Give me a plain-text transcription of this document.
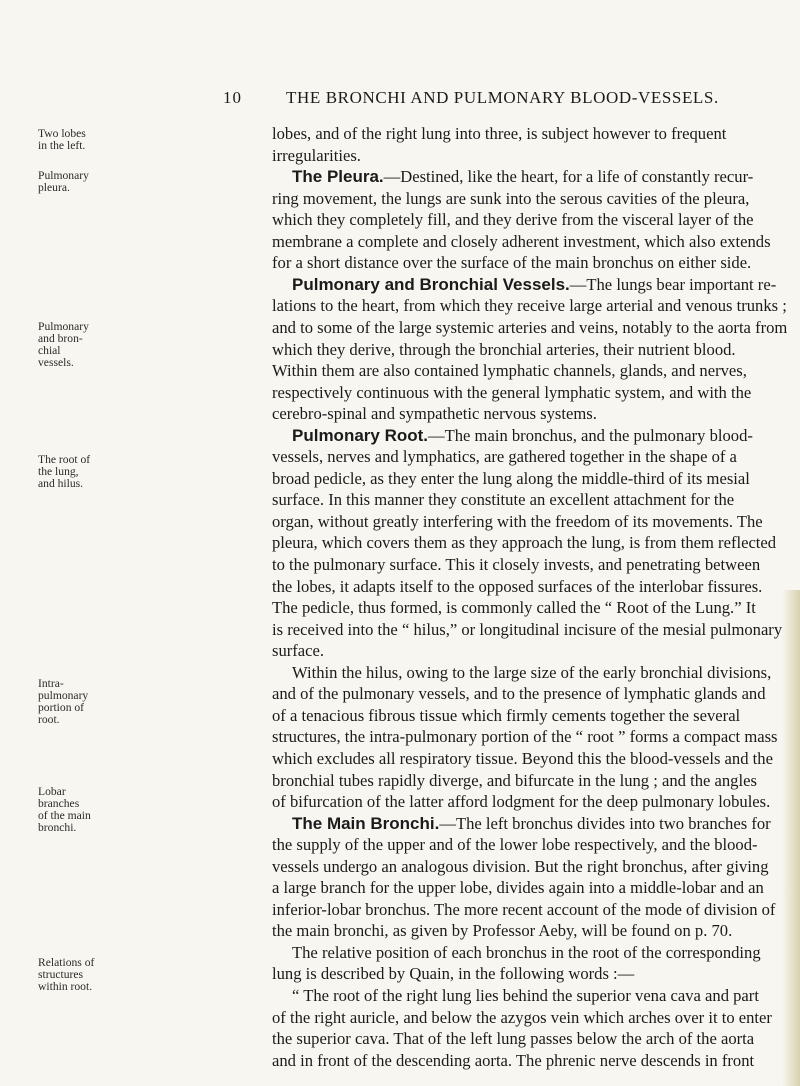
10	THE BRONCHI AND PULMONARY BLOOD-VESSELS.
Two lobes
in the left.
Pulmonary
pleura.
Pulmonary
and bron-
chial
vessels.
The root of
the lung,
and hilus.
Intra-
pulmonary
portion of
root.
Lobar
branches
of the main
bronchi.
Relations of
structures
within root.
lobes, and of the right lung into three, is subject however to frequent
irregularities.
The Pleura.—Destined, like the heart, for a life of constantly recur-
ring movement, the lungs are sunk into the serous cavities of the pleura,
which they completely fill, and they derive from the visceral layer of the
membrane a complete and closely adherent investment, which also extends
for a short distance over the surface of the main bronchus on either side.
Pulmonary and Bronchial Vessels.—The lungs bear important re-
lations to the heart, from which they receive large arterial and venous trunks ;
and to some of the large systemic arteries and veins, notably to the aorta from
which they derive, through the bronchial arteries, their nutrient blood.
Within them are also contained lymphatic channels, glands, and nerves,
respectively continuous with the general lymphatic system, and with the
cerebro-spinal and sympathetic nervous systems.
Pulmonary Root.—The main bronchus, and the pulmonary blood-
vessels, nerves and lymphatics, are gathered together in the shape of a
broad pedicle, as they enter the lung along the middle-third of its mesial
surface. In this manner they constitute an excellent attachment for the
organ, without greatly interfering with the freedom of its movements. The
pleura, which covers them as they approach the lung, is from them reflected
to the pulmonary surface. This it closely invests, and penetrating between
the lobes, it adapts itself to the opposed surfaces of the interlobar fissures.
The pedicle, thus formed, is commonly called the “ Root of the Lung.” It
is received into the “ hilus,” or longitudinal incisure of the mesial pulmonary
surface.
Within the hilus, owing to the large size of the early bronchial divisions,
and of the pulmonary vessels, and to the presence of lymphatic glands and
of a tenacious fibrous tissue which firmly cements together the several
structures, the intra-pulmonary portion of the “ root ” forms a compact mass
which excludes all respiratory tissue. Beyond this the blood-vessels and the
bronchial tubes rapidly diverge, and bifurcate in the lung ; and the angles
of bifurcation of the latter afford lodgment for the deep pulmonary lobules.
The Main Bronchi.—The left bronchus divides into two branches for
the supply of the upper and of the lower lobe respectively, and the blood-
vessels undergo an analogous division. But the right bronchus, after giving
a large branch for the upper lobe, divides again into a middle-lobar and an
inferior-lobar bronchus. The more recent account of the mode of division of
the main bronchi, as given by Professor Aeby, will be found on p. 70.
The relative position of each bronchus in the root of the corresponding
lung is described by Quain, in the following words :—
“ The root of the right lung lies behind the superior vena cava and part
of the right auricle, and below the azygos vein which arches over it to enter
the superior cava. That of the left lung passes below the arch of the aorta
and in front of the descending aorta. The phrenic nerve descends in front
